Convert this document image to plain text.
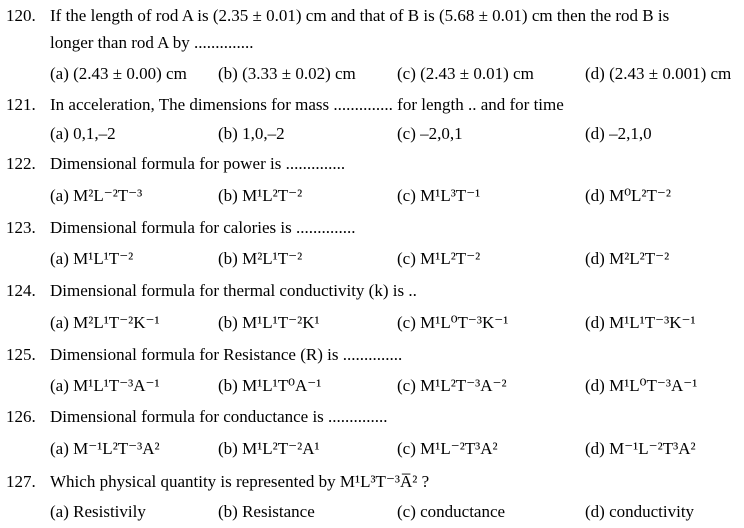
120. If the length of rod A is (2.35 ± 0.01) cm and that of B is (5.68 ± 0.01) cm then the rod B is
longer than rod A by ..............
(a) (2.43 ± 0.00) cm (b) (3.33 ± 0.02) cm (c) (2.43 ± 0.01) cm	(d) (2.43 ± 0.001) cm
121. In acceleration, The dimensions for mass .............. for length .. and for time
(a) 0,1,–2	(b) 1,0,–2	(c) –2,0,1	(d) –2,1,0
122. Dimensional formula for power is ..............
(a) M²L⁻²T⁻³	(b) M¹L²T⁻²	(c) M¹L³T⁻¹	(d) M⁰L²T⁻²
123. Dimensional formula for calories is ..............
(a) M¹L¹T⁻²	(b) M²L¹T⁻²	(c) M¹L²T⁻²	(d) M²L²T⁻²
124. Dimensional formula for thermal conductivity (k) is ..
(a) M²L¹T⁻²K⁻¹	(b) M¹L¹T⁻²K¹	(c) M¹L⁰T⁻³K⁻¹	(d) M¹L¹T⁻³K⁻¹
125. Dimensional formula for Resistance (R) is ..............
(a) M¹L¹T⁻³A⁻¹	(b) M¹L¹T⁰A⁻¹	(c) M¹L²T⁻³A⁻²	(d) M¹L⁰T⁻³A⁻¹
126. Dimensional formula for conductance is ..............
(a) M⁻¹L²T⁻³A²	(b) M¹L²T⁻²A¹	(c) M¹L⁻²T³A²	(d) M⁻¹L⁻²T³A²
127. Which physical quantity is represented by M¹L³T⁻³A̅² ?
(a) Resistivily	(b) Resistance	(c) conductance	(d) conductivity
